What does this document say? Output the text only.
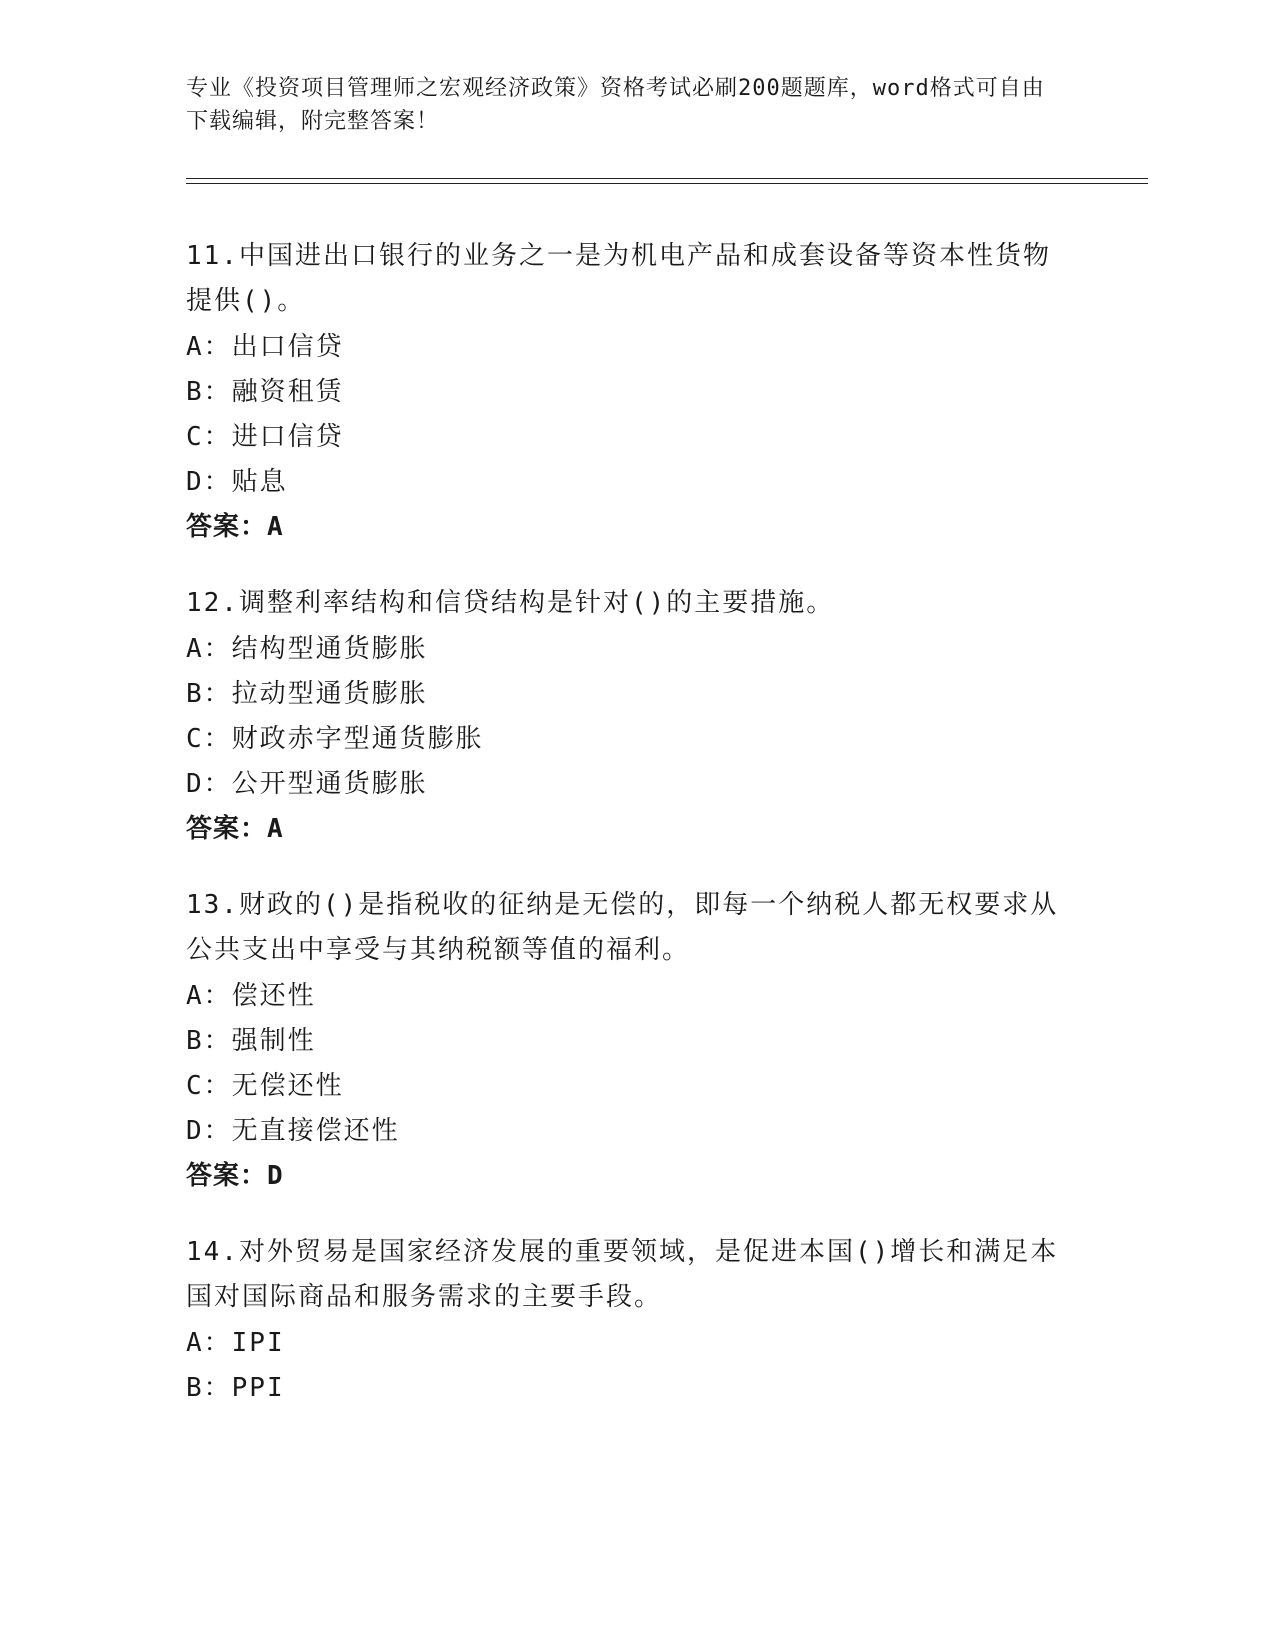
专业《投资项目管理师之宏观经济政策》资格考试必刷200题题库，word格式可自由下载编辑，附完整答案！
11.中国进出口银行的业务之一是为机电产品和成套设备等资本性货物提供()。
A：出口信贷
B：融资租赁
C：进口信贷
D：贴息
答案：A
12.调整利率结构和信贷结构是针对()的主要措施。
A：结构型通货膨胀
B：拉动型通货膨胀
C：财政赤字型通货膨胀
D：公开型通货膨胀
答案：A
13.财政的()是指税收的征纳是无偿的，即每一个纳税人都无权要求从公共支出中享受与其纳税额等值的福利。
A：偿还性
B：强制性
C：无偿还性
D：无直接偿还性
答案：D
14.对外贸易是国家经济发展的重要领域，是促进本国()增长和满足本国对国际商品和服务需求的主要手段。
A：IPI
B：PPI
